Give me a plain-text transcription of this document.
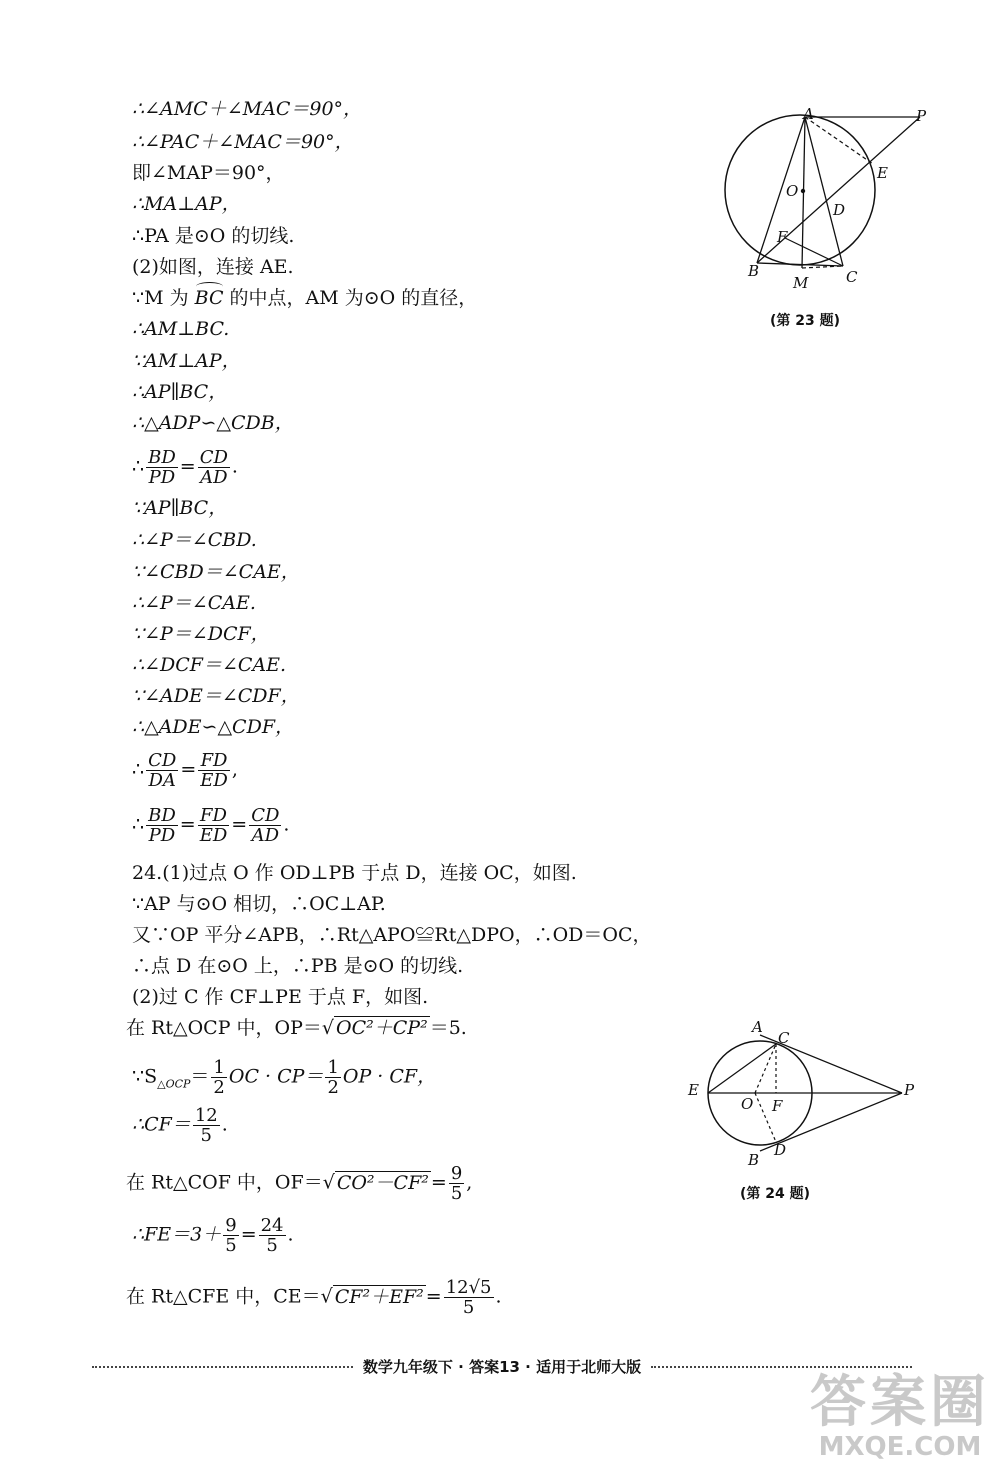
∴∠AMC＋∠MAC＝90°，
∴∠PAC＋∠MAC＝90°，
即∠MAP＝90°，
∴MA⊥AP，
∴PA 是⊙O 的切线.
(2)如图，连接 AE.
∵M 为 BC 的中点，AM 为⊙O 的直径，
∴AM⊥BC.
∵AM⊥AP，
∴AP∥BC，
∴△ADP∽△CDB，
∴ $\frac{BD}{PD} = \frac{CD}{AD}$ .
∵AP∥BC，
∴∠P＝∠CBD.
∵∠CBD＝∠CAE，
∴∠P＝∠CAE.
∵∠P＝∠DCF，
∴∠DCF＝∠CAE.
∵∠ADE＝∠CDF，
∴△ADE∽△CDF，
∴ $\frac{CD}{DA} = \frac{FD}{ED}$ ,
∴ $\frac{BD}{PD} = \frac{FD}{ED} = \frac{CD}{AD}$ .
24.(1)过点 O 作 OD⊥PB 于点 D，连接 OC，如图.
∵AP 与⊙O 相切，∴OC⊥AP.
又∵OP 平分∠APB，∴Rt△APO≌Rt△DPO，∴OD＝OC，
∴点 D 在⊙O 上，∴PB 是⊙O 的切线.
(2)过 C 作 CF⊥PE 于点 F，如图.
在 Rt△OCP 中，OP＝√ OC²＋CP² ＝5.
$\because S_{\triangle OCP}= \frac{1}{2}$ OC · $CP= \frac{1}{2}$ OP · CF，
∴CF＝ $\frac{12}{5}$ .
在 Rt△COF 中，OF＝√ $CO^2-CF^2 = \frac{9}{5}$ ,
∴FE＝3＋ $\frac{9}{5} = \frac{24}{5}$ .
在 Rt△CFE 中，CE＝√ $CF^2+EF^2 = \frac{12√5}{5}$ .
A	P
E
O
D
F
B	C
M
(第 23 题)
A
C
E
O F
P
B
D
(第 24 题)
数学九年级下 · 答案13 · 适用于北师大版
答案圈
MXQE.COM
